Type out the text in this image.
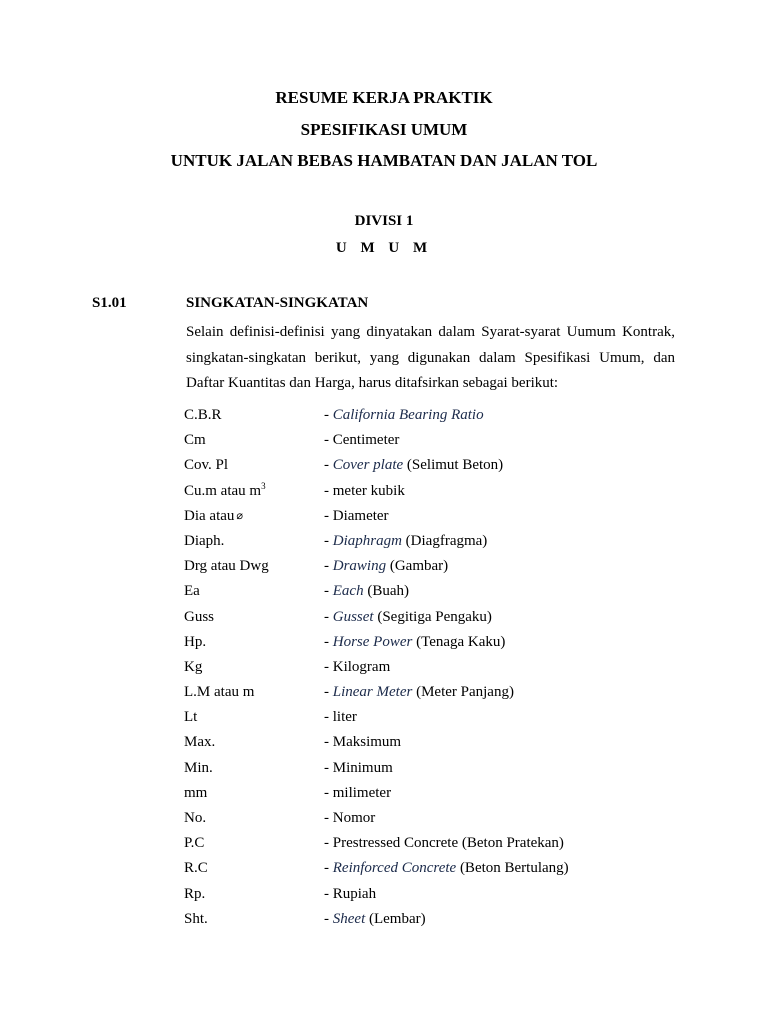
RESUME KERJA PRAKTIK
SPESIFIKASI UMUM
UNTUK JALAN BEBAS HAMBATAN DAN JALAN TOL
DIVISI 1
U M U M
S1.01	SINGKATAN-SINGKATAN
Selain definisi-definisi yang dinyatakan dalam Syarat-syarat Uumum Kontrak, singkatan-singkatan berikut, yang digunakan dalam Spesifikasi Umum, dan Daftar Kuantitas dan Harga, harus ditafsirkan sebagai berikut:
C.B.R	- California Bearing Ratio
Cm	- Centimeter
Cov. Pl	- Cover plate (Selimut Beton)
Cu.m atau $m^3$	- meter kubik
Dia atau ⌀	- Diameter
Diaph.	- Diaphragm (Diagfragma)
Drg atau Dwg	- Drawing (Gambar)
Ea	- Each (Buah)
Guss	- Gusset (Segitiga Pengaku)
Hp.	- Horse Power (Tenaga Kaku)
Kg	- Kilogram
L.M atau m	- Linear Meter (Meter Panjang)
Lt	- liter
Max.	- Maksimum
Min.	- Minimum
mm	- milimeter
No.	- Nomor
P.C	- Prestressed Concrete (Beton Pratekan)
R.C	- Reinforced Concrete (Beton Bertulang)
Rp.	- Rupiah
Sht.	- Sheet (Lembar)
